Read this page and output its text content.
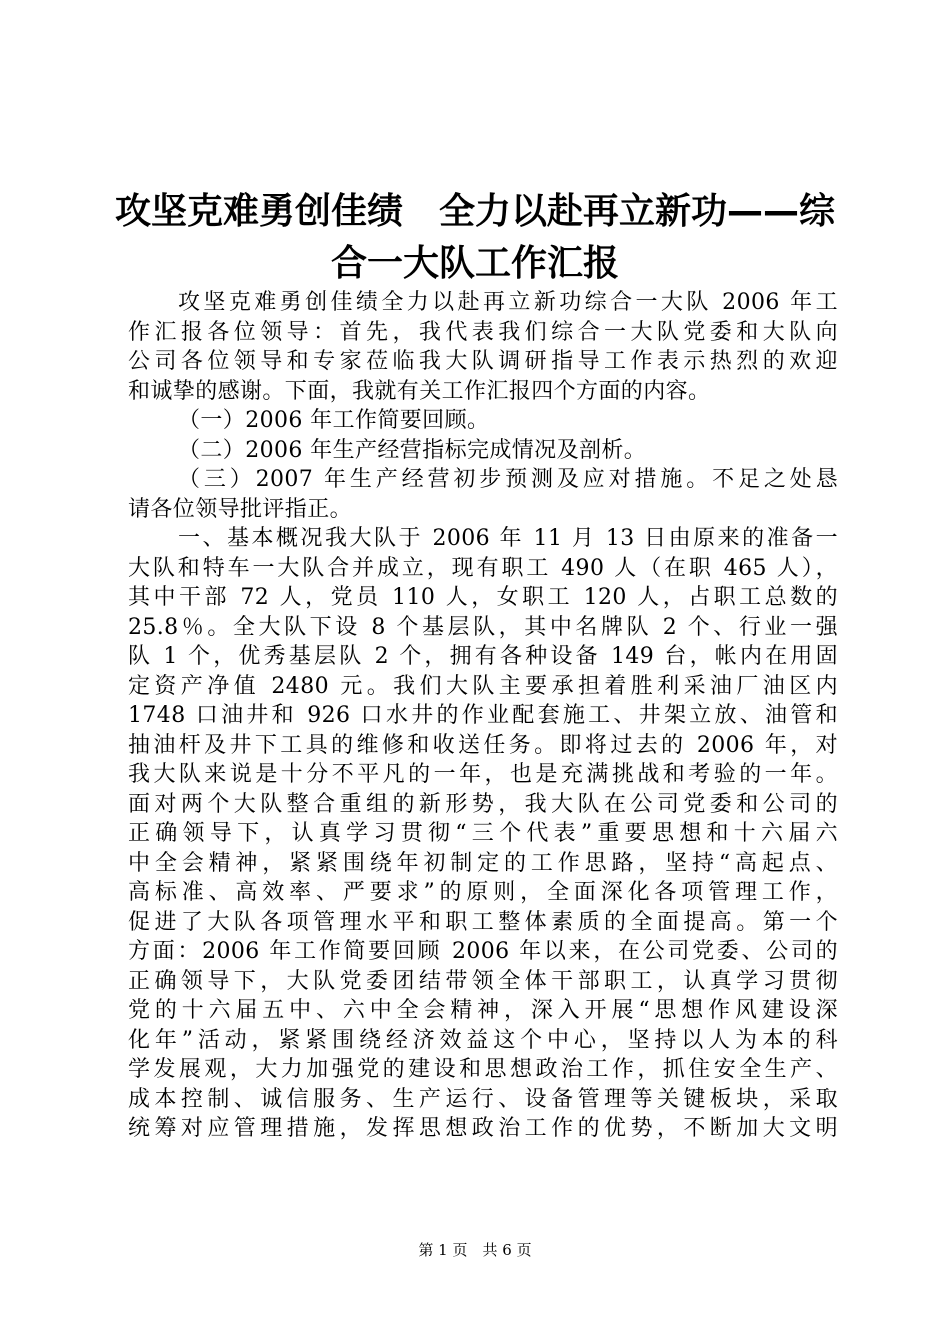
攻坚克难勇创佳绩　全力以赴再立新功——综
合一大队工作汇报
攻坚克难勇创佳绩全力以赴再立新功综合一大队 2006 年工
作汇报各位领导：首先，我代表我们综合一大队党委和大队向
公司各位领导和专家莅临我大队调研指导工作表示热烈的欢迎
和诚挚的感谢。下面，我就有关工作汇报四个方面的内容。
（一）2006 年工作简要回顾。
（二）2006 年生产经营指标完成情况及剖析。
（三）2007 年生产经营初步预测及应对措施。不足之处恳
请各位领导批评指正。
一、基本概况我大队于 2006 年 11 月 13 日由原来的准备一
大队和特车一大队合并成立，现有职工 490 人（在职 465 人），
其中干部 72 人，党员 110 人，女职工 120 人，占职工总数的
25.8％。全大队下设 8 个基层队，其中名牌队 2 个、行业一强
队 1 个，优秀基层队 2 个，拥有各种设备 149 台，帐内在用固
定资产净值 2480 元。我们大队主要承担着胜利采油厂油区内
1748 口油井和 926 口水井的作业配套施工、井架立放、油管和
抽油杆及井下工具的维修和收送任务。即将过去的 2006 年，对
我大队来说是十分不平凡的一年，也是充满挑战和考验的一年。
面对两个大队整合重组的新形势，我大队在公司党委和公司的
正确领导下，认真学习贯彻“三个代表”重要思想和十六届六
中全会精神，紧紧围绕年初制定的工作思路，坚持“高起点、
高标准、高效率、严要求”的原则，全面深化各项管理工作，
促进了大队各项管理水平和职工整体素质的全面提高。第一个
方面：2006 年工作简要回顾 2006 年以来，在公司党委、公司的
正确领导下，大队党委团结带领全体干部职工，认真学习贯彻
党的十六届五中、六中全会精神，深入开展“思想作风建设深
化年”活动，紧紧围绕经济效益这个中心，坚持以人为本的科
学发展观，大力加强党的建设和思想政治工作，抓住安全生产、
成本控制、诚信服务、生产运行、设备管理等关键板块，采取
统筹对应管理措施，发挥思想政治工作的优势，不断加大文明
第 1 页　共 6 页
